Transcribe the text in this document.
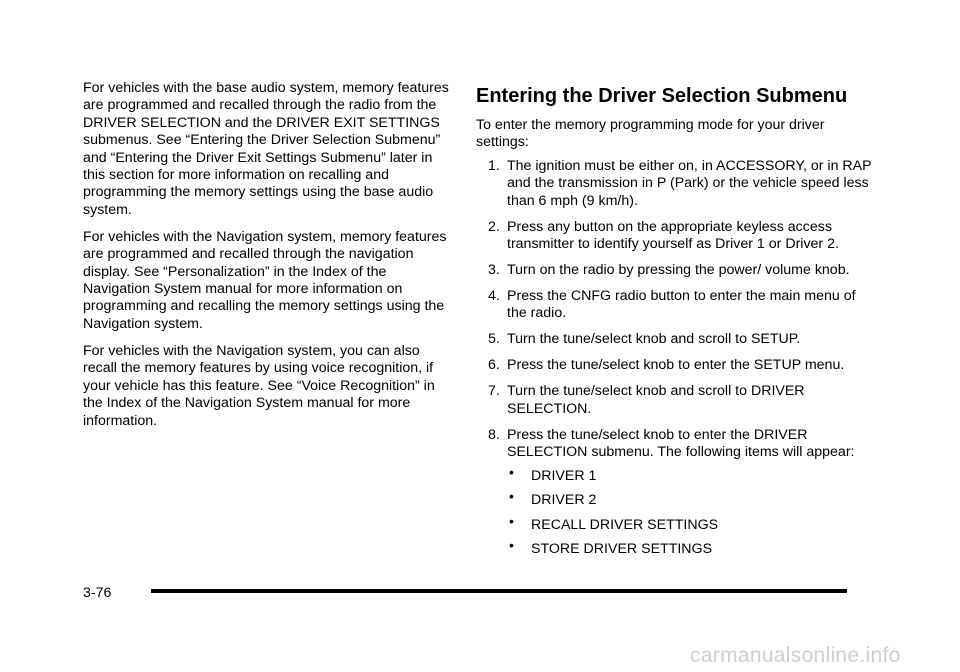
For vehicles with the base audio system, memory features are programmed and recalled through the radio from the DRIVER SELECTION and the DRIVER EXIT SETTINGS submenus. See “Entering the Driver Selection Submenu” and “Entering the Driver Exit Settings Submenu” later in this section for more information on recalling and programming the memory settings using the base audio system.

For vehicles with the Navigation system, memory features are programmed and recalled through the navigation display. See “Personalization” in the Index of the Navigation System manual for more information on programming and recalling the memory settings using the Navigation system.

For vehicles with the Navigation system, you can also recall the memory features by using voice recognition, if your vehicle has this feature. See “Voice Recognition” in the Index of the Navigation System manual for more information.

Entering the Driver Selection Submenu

To enter the memory programming mode for your driver settings:

1. The ignition must be either on, in ACCESSORY, or in RAP and the transmission in P (Park) or the vehicle speed less than 6 mph (9 km/h).
2. Press any button on the appropriate keyless access transmitter to identify yourself as Driver 1 or Driver 2.
3. Turn on the radio by pressing the power/ volume knob.
4. Press the CNFG radio button to enter the main menu of the radio.
5. Turn the tune/select knob and scroll to SETUP.
6. Press the tune/select knob to enter the SETUP menu.
7. Turn the tune/select knob and scroll to DRIVER SELECTION.
8. Press the tune/select knob to enter the DRIVER SELECTION submenu. The following items will appear:
• DRIVER 1
• DRIVER 2
• RECALL DRIVER SETTINGS
• STORE DRIVER SETTINGS
3-76
carmanualsonline.info
